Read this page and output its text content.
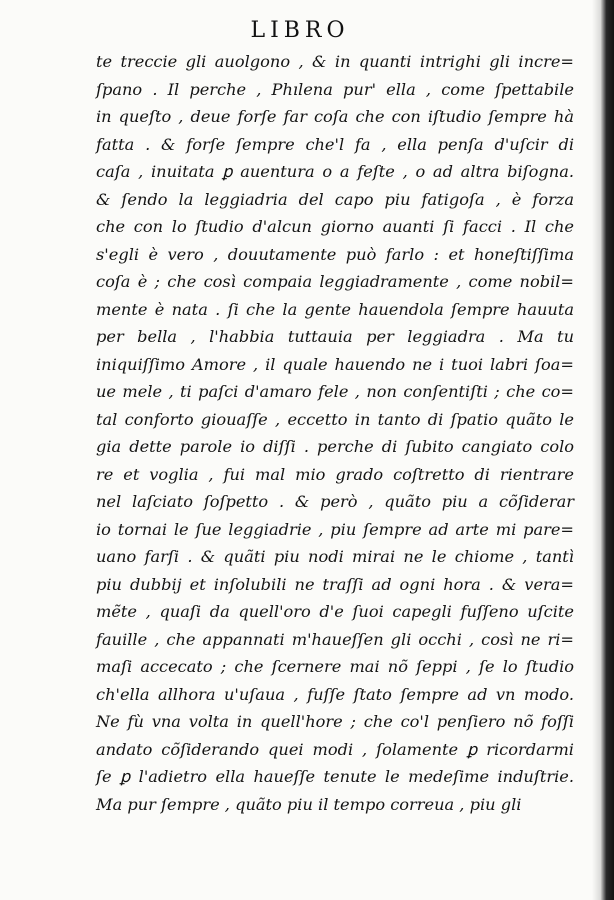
LIBRO
te treccie gli auolgono , & in quanti intrighi gli incre=
ſpano . Il perche , Phılena pur' ella , come ſpettabile
in queſto , deue forſe far coſa che con iſtudio ſempre hà
fatta . & forſe ſempre che'l fa , ella penſa d'uſcir di
caſa , inuitata ꝑ auentura o a feſte , o ad altra biſogna.
& ſendo la leggiadria del capo piu fatigoſa , è forza
che con lo ſtudio d'alcun giorno auanti ſi facci . Il che
s'egli è vero , douutamente può farlo : et honeſtiſſima
coſa è ; che così compaia leggiadramente , come nobil=
mente è nata . ſi che la gente hauendola ſempre hauuta
per bella , l'habbia tuttauia per leggiadra . Ma tu
iniquiſſimo Amore , il quale hauendo ne i tuoi labri ſoa=
ue mele , ti paſci d'amaro fele , non conſentiſti ; che co=
tal conforto giouaſſe , eccetto in tanto di ſpatio quãto le
gia dette parole io diſſi . perche di ſubito cangiato colo
re et voglia , fui mal mio grado coſtretto di rientrare
nel laſciato ſoſpetto . & però , quãto piu a cõſiderar
io tornai le ſue leggiadrie , piu ſempre ad arte mi pare=
uano farſi . & quãti piu nodi mirai ne le chiome , tantì
piu dubbij et inſolubili ne traſſi ad ogni hora . & vera=
mẽte , quaſi da quell'oro d'e ſuoi capegli fuſſeno uſcite
fauille , che appannati m'haueſſen gli occhi , così ne ri=
maſi accecato ; che ſcernere mai nõ ſeppi , ſe lo ſtudio
ch'ella allhora u'uſaua , fuſſe ſtato ſempre ad vn modo.
Ne fù vna volta in quell'hore ; che co'l penſiero nõ foſſi
andato cõſiderando quei modi , ſolamente ꝑ ricordarmi
ſe ꝑ l'adietro ella haueſſe tenute le medeſime induſtrie.
Ma pur ſempre , quãto piu il tempo correua , piu gli
